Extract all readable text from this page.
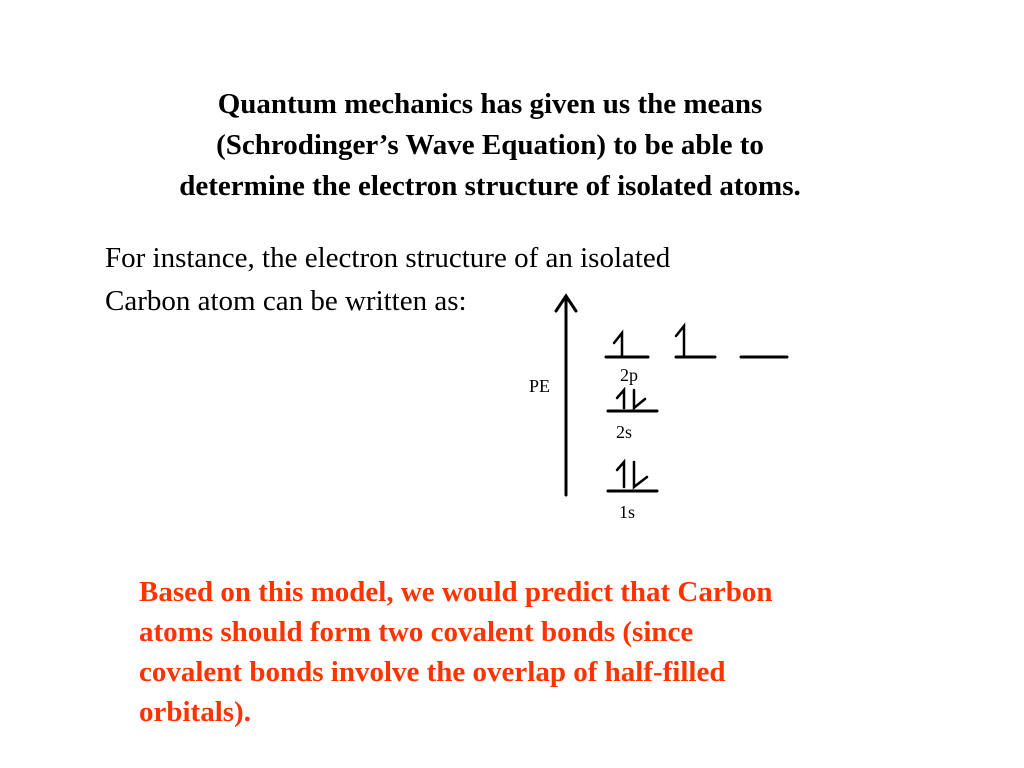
Quantum mechanics has given us the means
(Schrodinger’s Wave Equation) to be able to
determine the electron structure of isolated atoms.
For instance, the electron structure of an isolated
Carbon atom can be written as:
PE
1s
2s
2p
Based on this model, we would predict that Carbon
atoms should form two covalent bonds (since
covalent bonds involve the overlap of half-filled
orbitals).
